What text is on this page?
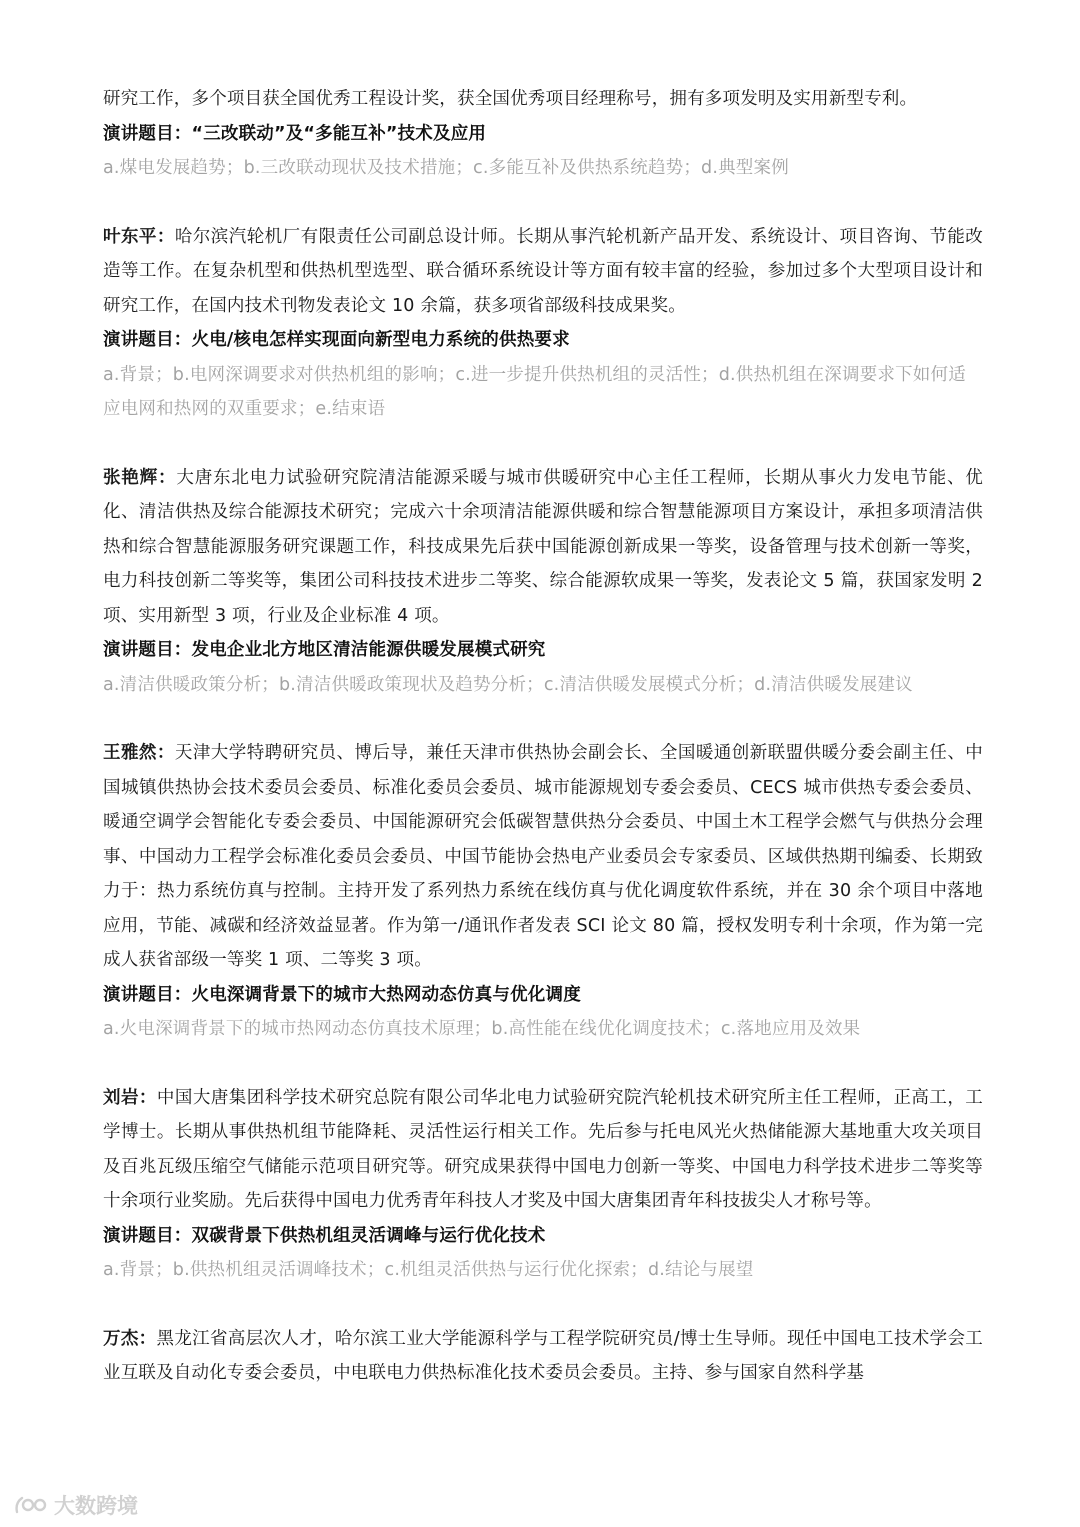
研究工作，多个项目获全国优秀工程设计奖，获全国优秀项目经理称号，拥有多项发明及实用新型专利。

演讲题目：“三改联动”及“多能互补”技术及应用

a.煤电发展趋势；b.三改联动现状及技术措施；c.多能互补及供热系统趋势；d.典型案例

叶东平：哈尔滨汽轮机厂有限责任公司副总设计师。长期从事汽轮机新产品开发、系统设计、项目咨询、节能改造等工作。在复杂机型和供热机型选型、联合循环系统设计等方面有较丰富的经验，参加过多个大型项目设计和研究工作，在国内技术刊物发表论文 10 余篇，获多项省部级科技成果奖。

演讲题目：火电/核电怎样实现面向新型电力系统的供热要求

a.背景；b.电网深调要求对供热机组的影响；c.进一步提升供热机组的灵活性；d.供热机组在深调要求下如何适应电网和热网的双重要求；e.结束语

张艳辉：大唐东北电力试验研究院清洁能源采暖与城市供暖研究中心主任工程师，长期从事火力发电节能、优化、清洁供热及综合能源技术研究；完成六十余项清洁能源供暖和综合智慧能源项目方案设计，承担多项清洁供热和综合智慧能源服务研究课题工作，科技成果先后获中国能源创新成果一等奖，设备管理与技术创新一等奖，电力科技创新二等奖等，集团公司科技技术进步二等奖、综合能源软成果一等奖，发表论文 5 篇，获国家发明 2 项、实用新型 3 项，行业及企业标准 4 项。

演讲题目：发电企业北方地区清洁能源供暖发展模式研究

a.清洁供暖政策分析；b.清洁供暖政策现状及趋势分析；c.清洁供暖发展模式分析；d.清洁供暖发展建议

王雅然：天津大学特聘研究员、博后导，兼任天津市供热协会副会长、全国暖通创新联盟供暖分委会副主任、中国城镇供热协会技术委员会委员、标准化委员会委员、城市能源规划专委会委员、CECS 城市供热专委会委员、暖通空调学会智能化专委会委员、中国能源研究会低碳智慧供热分会委员、中国土木工程学会燃气与供热分会理事、中国动力工程学会标准化委员会委员、中国节能协会热电产业委员会专家委员、区域供热期刊编委、长期致力于：热力系统仿真与控制。主持开发了系列热力系统在线仿真与优化调度软件系统，并在 30 余个项目中落地应用，节能、减碳和经济效益显著。作为第一/通讯作者发表 SCI 论文 80 篇，授权发明专利十余项，作为第一完成人获省部级一等奖 1 项、二等奖 3 项。

演讲题目：火电深调背景下的城市大热网动态仿真与优化调度

a.火电深调背景下的城市热网动态仿真技术原理；b.高性能在线优化调度技术；c.落地应用及效果

刘岩：中国大唐集团科学技术研究总院有限公司华北电力试验研究院汽轮机技术研究所主任工程师，正高工，工学博士。长期从事供热机组节能降耗、灵活性运行相关工作。先后参与托电风光火热储能源大基地重大攻关项目及百兆瓦级压缩空气储能示范项目研究等。研究成果获得中国电力创新一等奖、中国电力科学技术进步二等奖等十余项行业奖励。先后获得中国电力优秀青年科技人才奖及中国大唐集团青年科技拔尖人才称号等。

演讲题目：双碳背景下供热机组灵活调峰与运行优化技术

a.背景；b.供热机组灵活调峰技术；c.机组灵活供热与运行优化探索；d.结论与展望

万杰：黑龙江省高层次人才，哈尔滨工业大学能源科学与工程学院研究员/博士生导师。现任中国电工技术学会工业互联及自动化专委会委员，中电联电力供热标准化技术委员会委员。主持、参与国家自然科学基

大数跨境
